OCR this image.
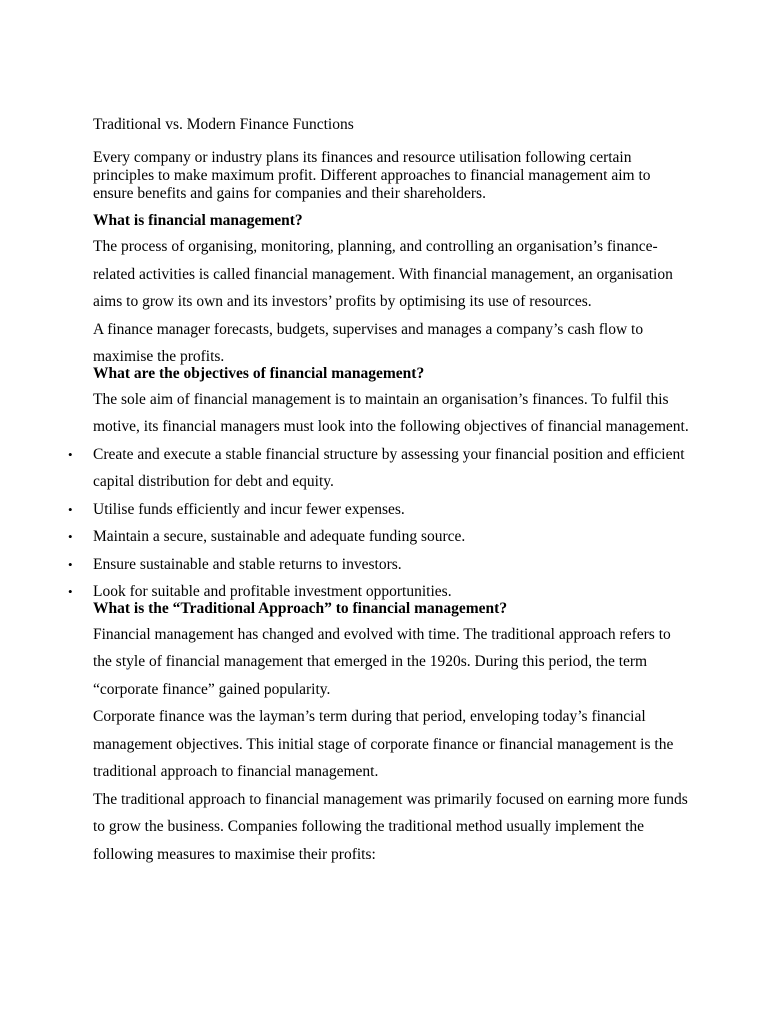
Traditional vs. Modern Finance Functions

Every company or industry plans its finances and resource utilisation following certain principles to make maximum profit. Different approaches to financial management aim to ensure benefits and gains for companies and their shareholders.

What is financial management?

The process of organising, monitoring, planning, and controlling an organisation’s finance-related activities is called financial management. With financial management, an organisation aims to grow its own and its investors’ profits by optimising its use of resources.

A finance manager forecasts, budgets, supervises and manages a company’s cash flow to maximise the profits.

What are the objectives of financial management?

The sole aim of financial management is to maintain an organisation’s finances. To fulfil this motive, its financial managers must look into the following objectives of financial management.

• Create and execute a stable financial structure by assessing your financial position and efficient capital distribution for debt and equity.
• Utilise funds efficiently and incur fewer expenses.
• Maintain a secure, sustainable and adequate funding source.
• Ensure sustainable and stable returns to investors.
• Look for suitable and profitable investment opportunities.

What is the “Traditional Approach” to financial management?

Financial management has changed and evolved with time. The traditional approach refers to the style of financial management that emerged in the 1920s. During this period, the term “corporate finance” gained popularity.

Corporate finance was the layman’s term during that period, enveloping today’s financial management objectives. This initial stage of corporate finance or financial management is the traditional approach to financial management.

The traditional approach to financial management was primarily focused on earning more funds to grow the business. Companies following the traditional method usually implement the following measures to maximise their profits:
